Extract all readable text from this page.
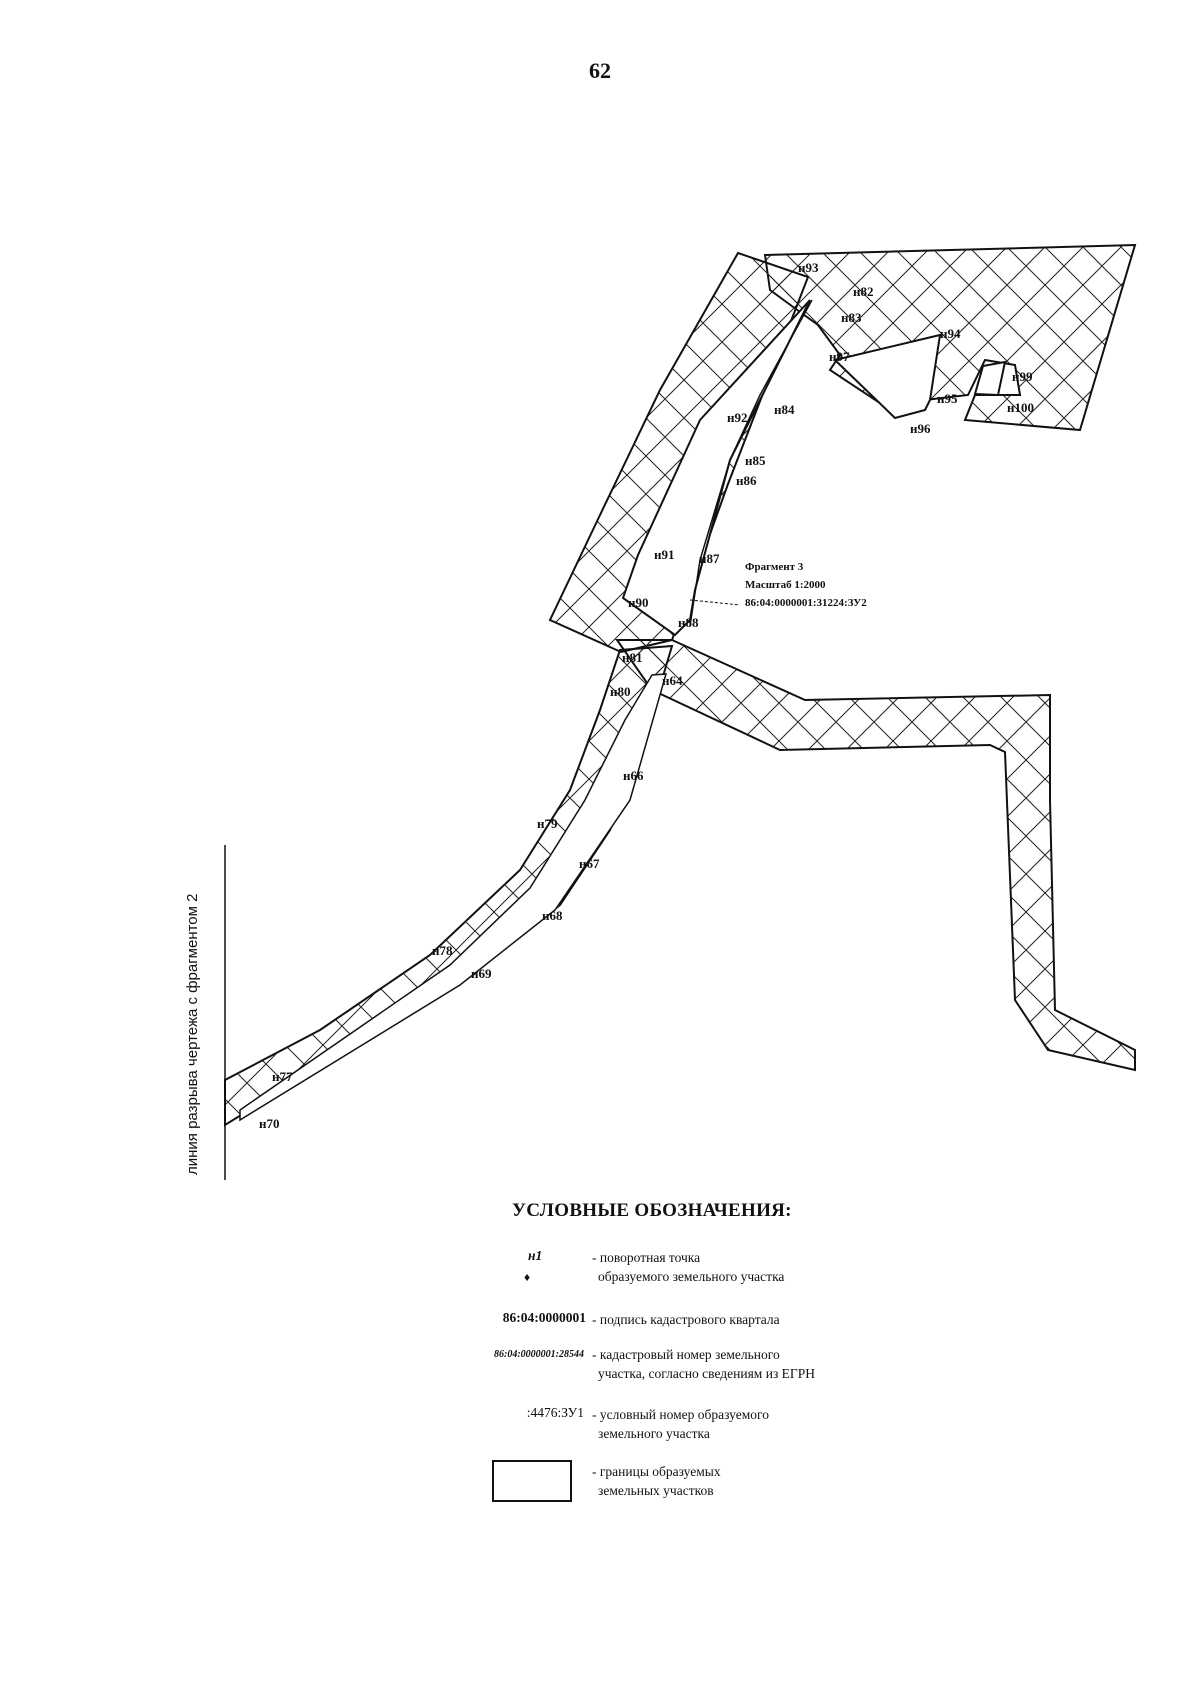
62
н93
н82
н83
н94
н97
н99
н95
н100
н96
н84
н92
н85
н86
н91 н87
н90
н88
н81
н80
н64
н66
н79
н67
н68
н78
н69
н77
н70
Фрагмент 3
Масштаб 1:2000
86:04:0000001:31224:ЗУ2
линия разрыва чертежа с фрагментом 2
УСЛОВНЫЕ ОБОЗНАЧЕНИЯ:
н1
♦
- поворотная точка
образуемого земельного участка
86:04:0000001 - подпись кадастрового квартала
86:04:0000001:28544 - кадастровый номер земельного
участка, согласно сведениям из ЕГРН
:4476:ЗУ1 - условный номер образуемого
земельного участка
- границы образуемых
земельных участков
